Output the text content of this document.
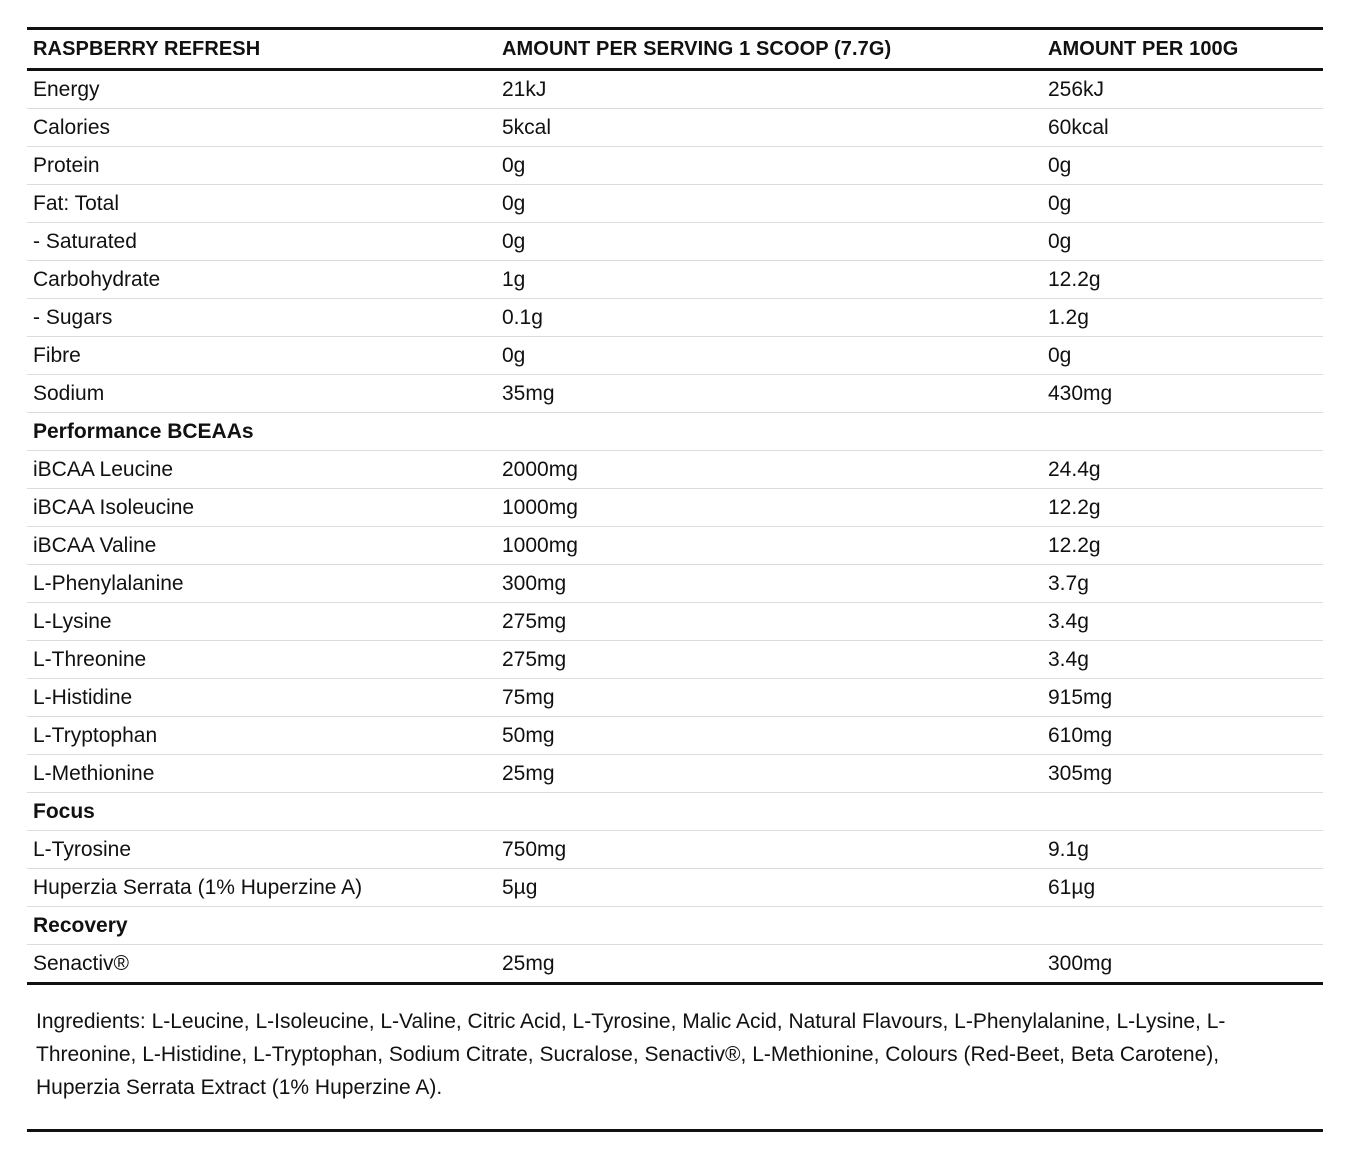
RASPBERRY REFRESH	AMOUNT PER SERVING 1 SCOOP (7.7G)	AMOUNT PER 100G
Energy	21kJ	256kJ
Calories	5kcal	60kcal
Protein	0g	0g
Fat: Total	0g	0g
- Saturated	0g	0g
Carbohydrate	1g	12.2g
- Sugars	0.1g	1.2g
Fibre	0g	0g
Sodium	35mg	430mg
Performance BCEAAs		
iBCAA Leucine	2000mg	24.4g
iBCAA Isoleucine	1000mg	12.2g
iBCAA Valine	1000mg	12.2g
L-Phenylalanine	300mg	3.7g
L-Lysine	275mg	3.4g
L-Threonine	275mg	3.4g
L-Histidine	75mg	915mg
L-Tryptophan	50mg	610mg
L-Methionine	25mg	305mg
Focus		
L-Tyrosine	750mg	9.1g
Huperzia Serrata (1% Huperzine A)	5µg	61µg
Recovery		
Senactiv®	25mg	300mg

Ingredients: L-Leucine, L-Isoleucine, L-Valine, Citric Acid, L-Tyrosine, Malic Acid, Natural Flavours, L-Phenylalanine, L-Lysine, L-Threonine, L-Histidine, L-Tryptophan, Sodium Citrate, Sucralose, Senactiv®, L-Methionine, Colours (Red-Beet, Beta Carotene), Huperzia Serrata Extract (1% Huperzine A).
